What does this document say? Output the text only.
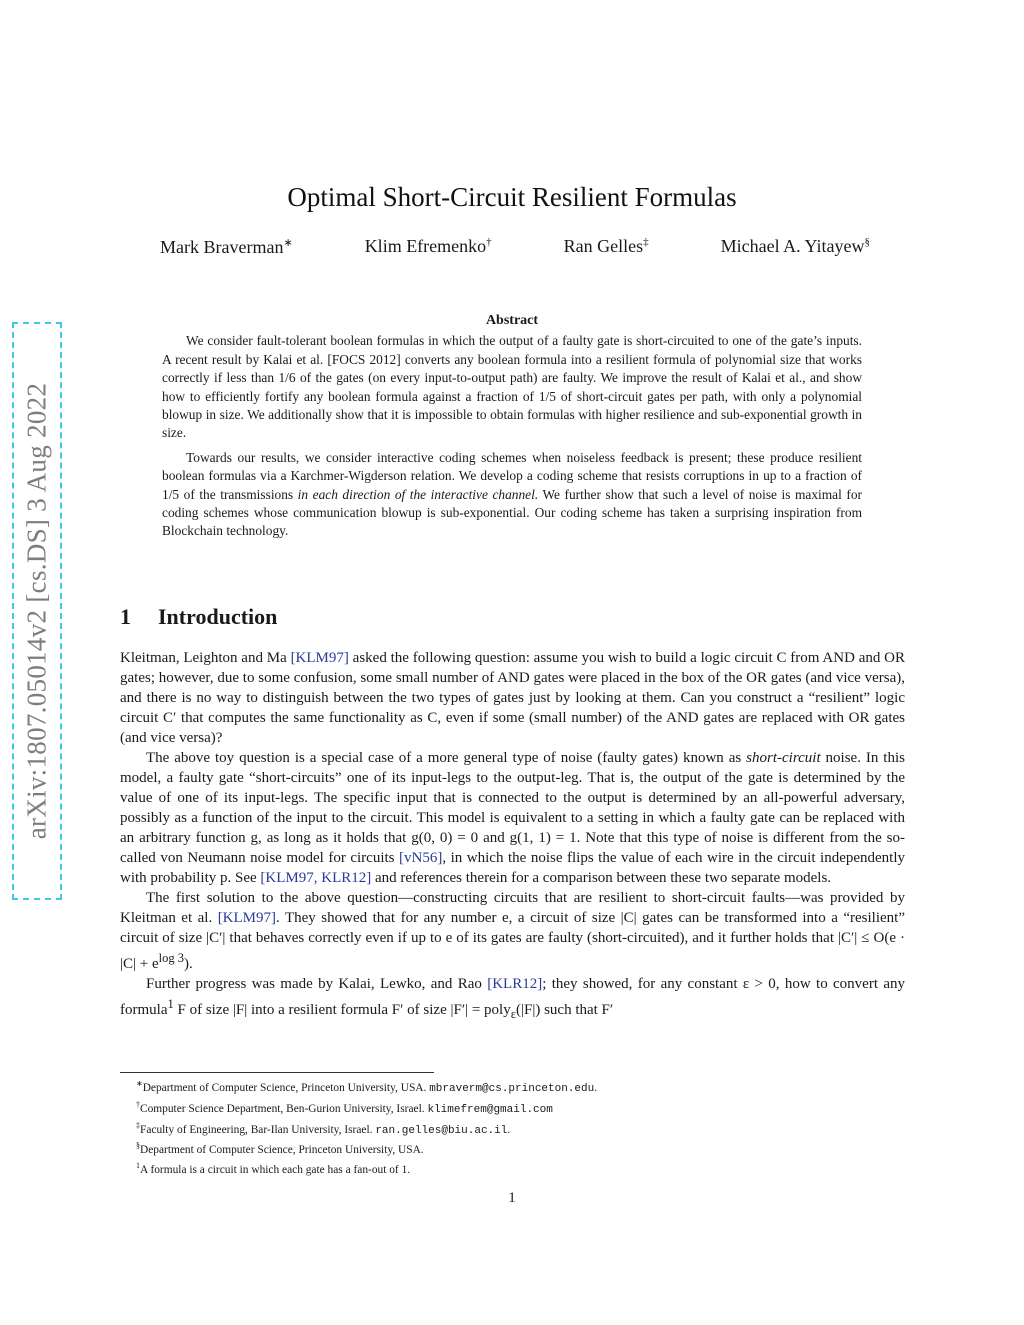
arXiv:1807.05014v2 [cs.DS] 3 Aug 2022
Optimal Short-Circuit Resilient Formulas
Mark Braverman∗	Klim Efremenko†	Ran Gelles‡	Michael A. Yitayew§
Abstract

We consider fault-tolerant boolean formulas in which the output of a faulty gate is short-circuited to one of the gate’s inputs. A recent result by Kalai et al. [FOCS 2012] converts any boolean formula into a resilient formula of polynomial size that works correctly if less than 1/6 of the gates (on every input-to-output path) are faulty. We improve the result of Kalai et al., and show how to efficiently fortify any boolean formula against a fraction of 1/5 of short-circuit gates per path, with only a polynomial blowup in size. We additionally show that it is impossible to obtain formulas with higher resilience and sub-exponential growth in size.

Towards our results, we consider interactive coding schemes when noiseless feedback is present; these produce resilient boolean formulas via a Karchmer-Wigderson relation. We develop a coding scheme that resists corruptions in up to a fraction of 1/5 of the transmissions in each direction of the interactive channel. We further show that such a level of noise is maximal for coding schemes whose communication blowup is sub-exponential. Our coding scheme has taken a surprising inspiration from Blockchain technology.

1 Introduction

Kleitman, Leighton and Ma [KLM97] asked the following question: assume you wish to build a logic circuit C from AND and OR gates; however, due to some confusion, some small number of AND gates were placed in the box of the OR gates (and vice versa), and there is no way to distinguish between the two types of gates just by looking at them. Can you construct a “resilient” logic circuit C′ that computes the same functionality as C, even if some (small number) of the AND gates are replaced with OR gates (and vice versa)?

The above toy question is a special case of a more general type of noise (faulty gates) known as short-circuit noise. In this model, a faulty gate “short-circuits” one of its input-legs to the output-leg. That is, the output of the gate is determined by the value of one of its input-legs. The specific input that is connected to the output is determined by an all-powerful adversary, possibly as a function of the input to the circuit. This model is equivalent to a setting in which a faulty gate can be replaced with an arbitrary function g, as long as it holds that g(0, 0) = 0 and g(1, 1) = 1. Note that this type of noise is different from the so-called von Neumann noise model for circuits [vN56], in which the noise flips the value of each wire in the circuit independently with probability p. See [KLM97, KLR12] and references therein for a comparison between these two separate models.

The first solution to the above question—constructing circuits that are resilient to short-circuit faults—was provided by Kleitman et al. [KLM97]. They showed that for any number e, a circuit of size |C| gates can be transformed into a “resilient” circuit of size |C′| that behaves correctly even if up to e of its gates are faulty (short-circuited), and it further holds that $|C'| \le O(e \cdot |C| + e^{log 3})$.

Further progress was made by Kalai, Lewko, and Rao [KLR12]; they showed, for any constant ε > 0, how to convert any formula$^1$ F of size |F| into a resilient formula F′ of size |F′| = poly$_\varepsilon$(|F|) such that F′

∗Department of Computer Science, Princeton University, USA. mbraverm@cs.princeton.edu.
†Computer Science Department, Ben-Gurion University, Israel. klimefrem@gmail.com
‡Faculty of Engineering, Bar-Ilan University, Israel. ran.gelles@biu.ac.il.
§Department of Computer Science, Princeton University, USA.
$^1$A formula is a circuit in which each gate has a fan-out of 1.
1
